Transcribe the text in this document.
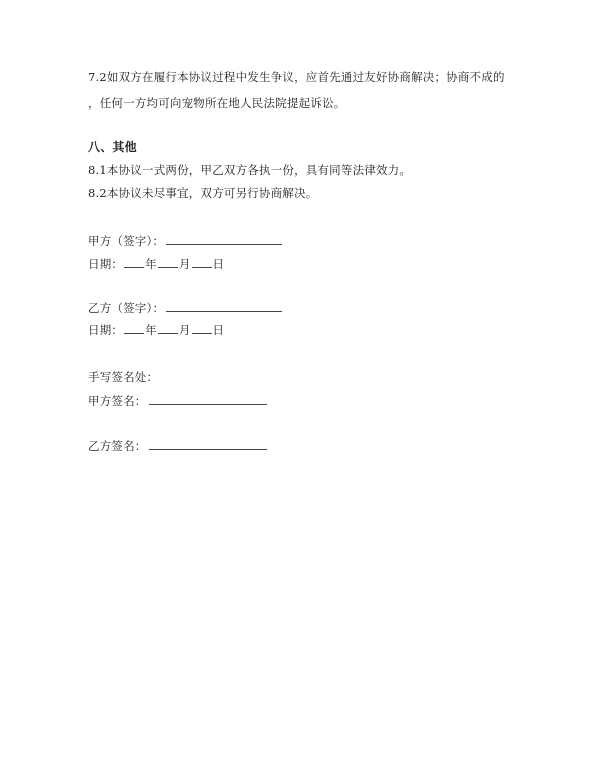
7.2如双方在履行本协议过程中发生争议，应首先通过友好协商解决；协商不成的
，任何一方均可向宠物所在地人民法院提起诉讼。
八、其他
8.1本协议一式两份，甲乙双方各执一份，具有同等法律效力。
8.2本协议未尽事宜，双方可另行协商解决。
甲方（签字）：
日期： 年 月 日
乙方（签字）：
日期： 年 月 日
手写签名处：
甲方签名：
乙方签名：
